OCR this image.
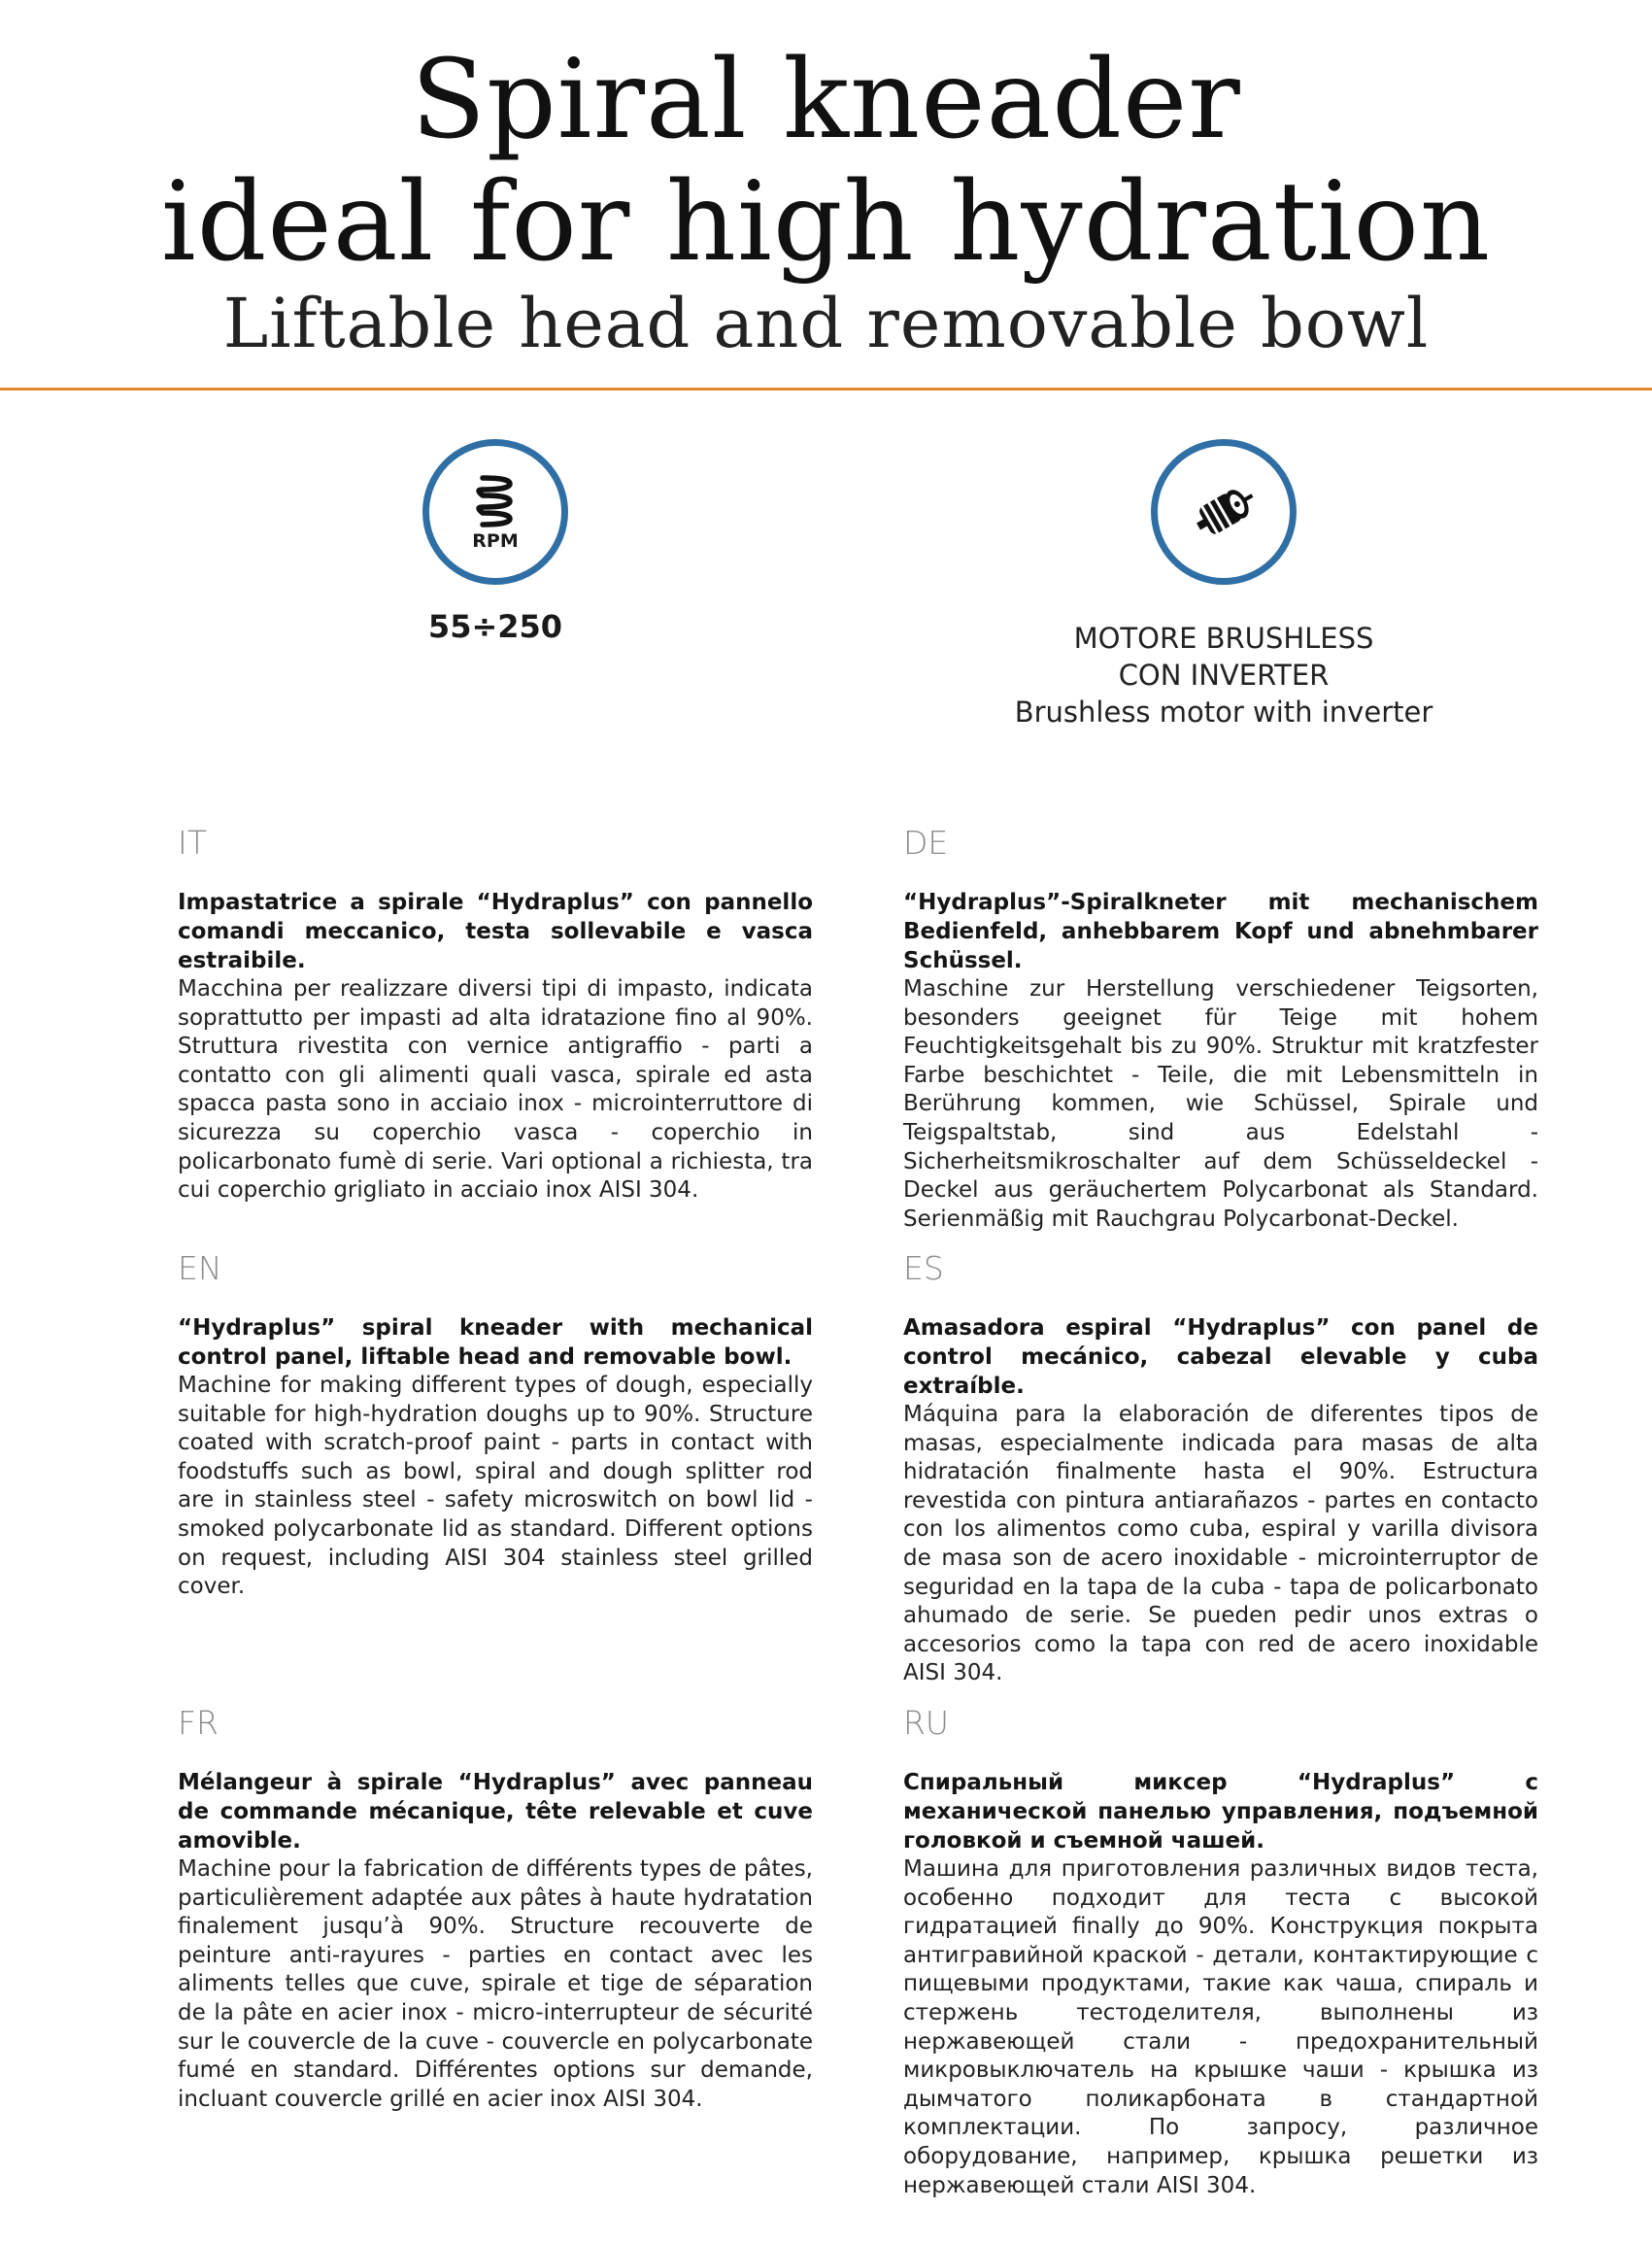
Spiral kneader
ideal for high hydration
Liftable head and removable bowl
RPM
55÷250	MOTORE BRUSHLESS
CON INVERTER
Brushless motor with inverter
IT
Impastatrice a spirale “Hydraplus” con pannello comandi meccanico, testa sollevabile e vasca estraibile.
Macchina per realizzare diversi tipi di impasto, indicata soprattutto per impasti ad alta idratazione fino al 90%. Struttura rivestita con vernice antigraffio - parti a contatto con gli alimenti quali vasca, spirale ed asta spacca pasta sono in acciaio inox - microinterruttore di sicurezza su coperchio vasca - coperchio in policarbonato fumè di serie. Vari optional a richiesta, tra cui coperchio grigliato in acciaio inox AISI 304.
DE
“Hydraplus”-Spiralkneter mit mechanischem Bedienfeld, anhebbarem Kopf und abnehmbarer Schüssel.
Maschine zur Herstellung verschiedener Teigsorten, besonders geeignet für Teige mit hohem Feuchtigkeitsgehalt bis zu 90%. Struktur mit kratzfester Farbe beschichtet - Teile, die mit Lebensmitteln in Berührung kommen, wie Schüssel, Spirale und Teigspaltstab, sind aus Edelstahl - Sicherheitsmikroschalter auf dem Schüsseldeckel - Deckel aus geräuchertem Polycarbonat als Standard. Serienmäßig mit Rauchgrau Polycarbonat-Deckel.
EN
“Hydraplus” spiral kneader with mechanical control panel, liftable head and removable bowl.
Machine for making different types of dough, especially suitable for high-hydration doughs up to 90%. Structure coated with scratch-proof paint - parts in contact with foodstuffs such as bowl, spiral and dough splitter rod are in stainless steel - safety microswitch on bowl lid - smoked polycarbonate lid as standard. Different options on request, including AISI 304 stainless steel grilled cover.
ES
Amasadora espiral “Hydraplus” con panel de control mecánico, cabezal elevable y cuba extraíble.
Máquina para la elaboración de diferentes tipos de masas, especialmente indicada para masas de alta hidratación finalmente hasta el 90%. Estructura revestida con pintura antiarañazos - partes en contacto con los alimentos como cuba, espiral y varilla divisora de masa son de acero inoxidable - microinterruptor de seguridad en la tapa de la cuba - tapa de policarbonato ahumado de serie. Se pueden pedir unos extras o accesorios como la tapa con red de acero inoxidable AISI 304.
FR
Mélangeur à spirale “Hydraplus” avec panneau de commande mécanique, tête relevable et cuve amovible.
Machine pour la fabrication de différents types de pâtes, particulièrement adaptée aux pâtes à haute hydratation finalement jusqu’à 90%. Structure recouverte de peinture anti-rayures - parties en contact avec les aliments telles que cuve, spirale et tige de séparation de la pâte en acier inox - micro-interrupteur de sécurité sur le couvercle de la cuve - couvercle en polycarbonate fumé en standard. Différentes options sur demande, incluant couvercle grillé en acier inox AISI 304.
RU
Спиральный миксер “Hydraplus” с механической панелью управления, подъемной головкой и съемной чашей.
Машина для приготовления различных видов теста, особенно подходит для теста с высокой гидратацией finally до 90%. Конструкция покрыта антигравийной краской - детали, контактирующие с пищевыми продуктами, такие как чаша, спираль и стержень тестоделителя, выполнены из нержавеющей стали - предохранительный микровыключатель на крышке чаши - крышка из дымчатого поликарбоната в стандартной комплектации. По запросу, различное оборудование, например, крышка решетки из нержавеющей стали AISI 304.
